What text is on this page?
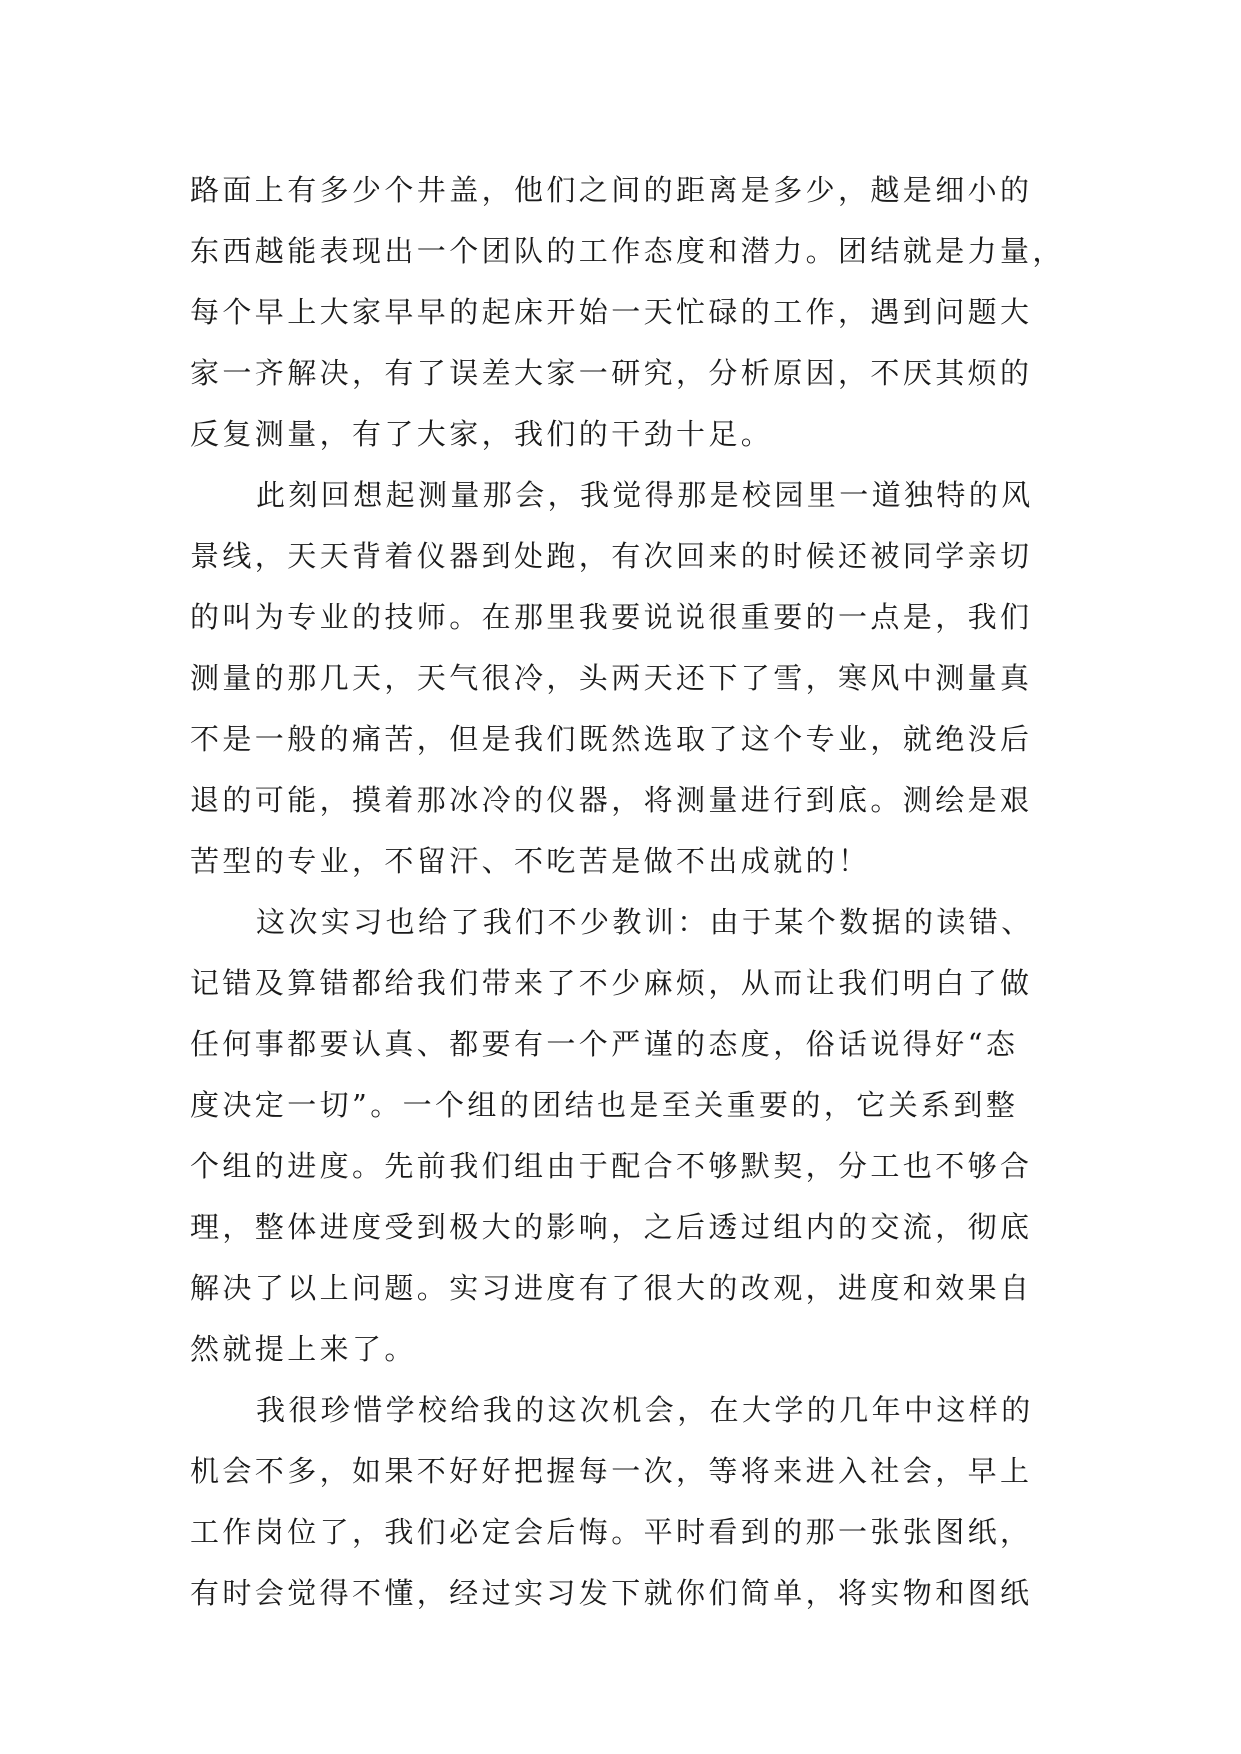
路面上有多少个井盖，他们之间的距离是多少，越是细小的
东西越能表现出一个团队的工作态度和潜力。团结就是力量，
每个早上大家早早的起床开始一天忙碌的工作，遇到问题大
家一齐解决，有了误差大家一研究，分析原因，不厌其烦的
反复测量，有了大家，我们的干劲十足。
此刻回想起测量那会，我觉得那是校园里一道独特的风
景线，天天背着仪器到处跑，有次回来的时候还被同学亲切
的叫为专业的技师。在那里我要说说很重要的一点是，我们
测量的那几天，天气很冷，头两天还下了雪，寒风中测量真
不是一般的痛苦，但是我们既然选取了这个专业，就绝没后
退的可能，摸着那冰冷的仪器，将测量进行到底。测绘是艰
苦型的专业，不留汗、不吃苦是做不出成就的！
这次实习也给了我们不少教训：由于某个数据的读错、
记错及算错都给我们带来了不少麻烦，从而让我们明白了做
任何事都要认真、都要有一个严谨的态度，俗话说得好“态
度决定一切”。一个组的团结也是至关重要的，它关系到整
个组的进度。先前我们组由于配合不够默契，分工也不够合
理，整体进度受到极大的影响，之后透过组内的交流，彻底
解决了以上问题。实习进度有了很大的改观，进度和效果自
然就提上来了。
我很珍惜学校给我的这次机会，在大学的几年中这样的
机会不多，如果不好好把握每一次，等将来进入社会，早上
工作岗位了，我们必定会后悔。平时看到的那一张张图纸，
有时会觉得不懂，经过实习发下就你们简单，将实物和图纸
